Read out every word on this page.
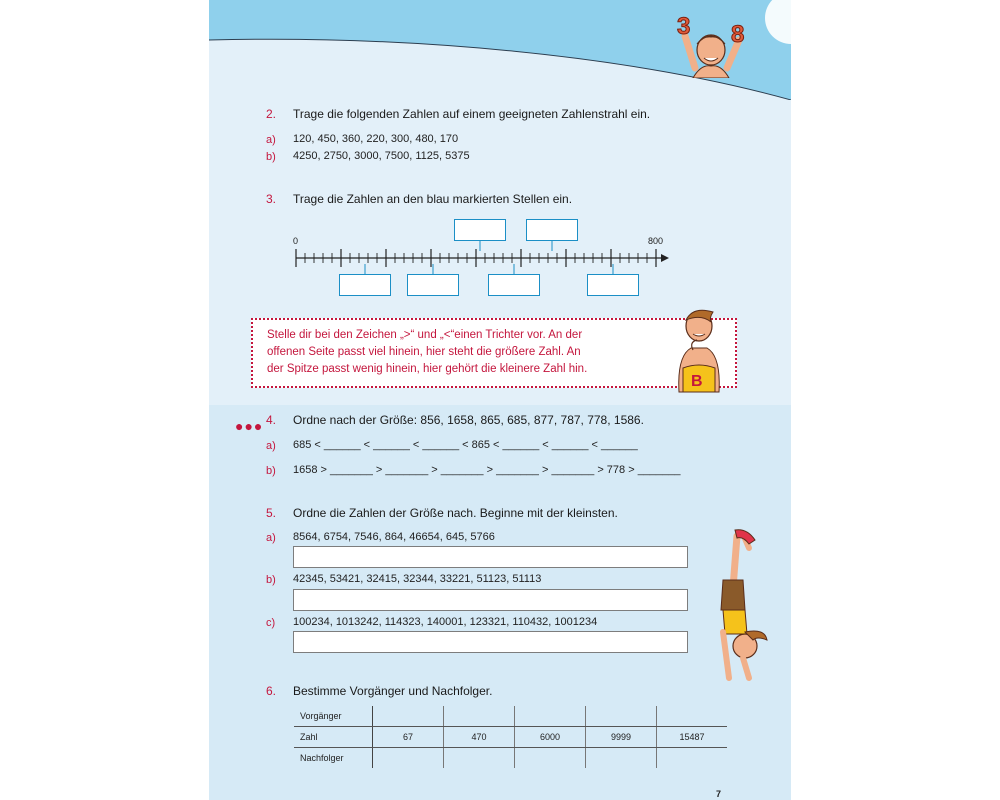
3 8
2. Trage die folgenden Zahlen auf einem geeigneten Zahlenstrahl ein.
a) 120, 450, 360, 220, 300, 480, 170
b) 4250, 2750, 3000, 7500, 1125, 5375
3. Trage die Zahlen an den blau markierten Stellen ein.
0	800
Stelle dir bei den Zeichen „>“ und „<“einen Trichter vor. An der
offenen Seite passt viel hinein, hier steht die größere Zahl. An
der Spitze passt wenig hinein, hier gehört die kleinere Zahl hin.
B
●●● 4. Ordne nach der Größe: 856, 1658, 865, 685, 877, 787, 778, 1586.
a) 685 < ______ < ______ < ______ < 865 < ______ < ______ < ______
b) 1658 > _______ > _______ > _______ > _______ > _______ > 778 > _______
5. Ordne die Zahlen der Größe nach. Beginne mit der kleinsten.
a) 8564, 6754, 7546, 864, 46654, 645, 5766
b) 42345, 53421, 32415, 32344, 33221, 51123, 51113
c) 100234, 1013242, 114323, 140001, 123321, 110432, 1001234
6. Bestimme Vorgänger und Nachfolger.
Vorgänger					
Zahl	67	470	6000	9999	15487
Nachfolger					
7
